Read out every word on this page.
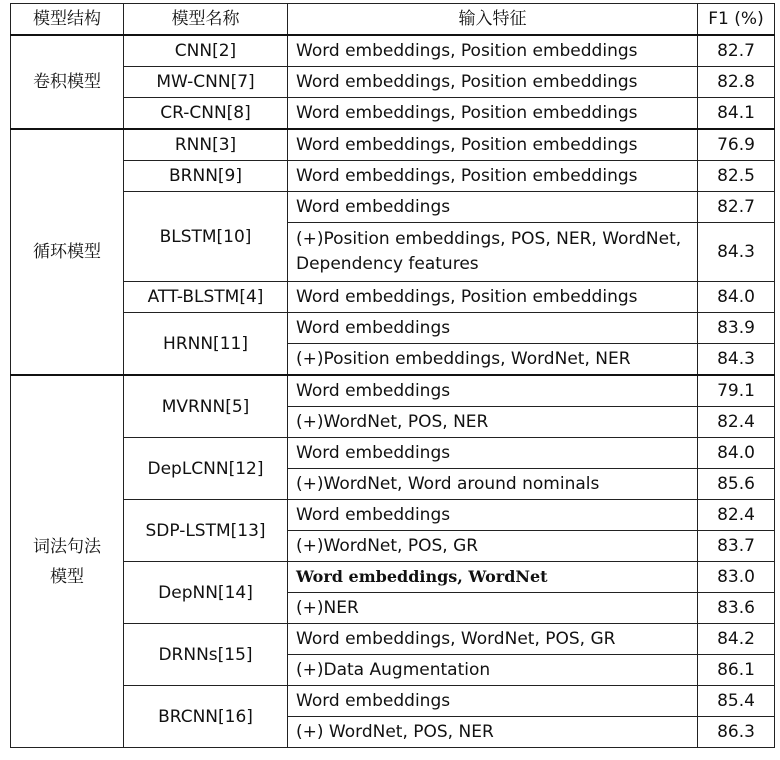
模型结构	模型名称	输入特征	F1 (%)
卷积模型	CNN[2]	Word embeddings, Position embeddings	82.7
	MW-CNN[7]	Word embeddings, Position embeddings	82.8
	CR-CNN[8]	Word embeddings, Position embeddings	84.1
循环模型	RNN[3]	Word embeddings, Position embeddings	76.9
	BRNN[9]	Word embeddings, Position embeddings	82.5
	BLSTM[10]	Word embeddings	82.7
		(+)Position embeddings, POS, NER, WordNet, Dependency features	84.3
	ATT-BLSTM[4]	Word embeddings, Position embeddings	84.0
	HRNN[11]	Word embeddings	83.9
		(+)Position embeddings, WordNet, NER	84.3
词法句法模型	MVRNN[5]	Word embeddings	79.1
		(+)WordNet, POS, NER	82.4
	DepLCNN[12]	Word embeddings	84.0
		(+)WordNet, Word around nominals	85.6
	SDP-LSTM[13]	Word embeddings	82.4
		(+)WordNet, POS, GR	83.7
	DepNN[14]	Word embeddings, WordNet	83.0
		(+)NER	83.6
	DRNNs[15]	Word embeddings, WordNet, POS, GR	84.2
		(+)Data Augmentation	86.1
	BRCNN[16]	Word embeddings	85.4
		(+) WordNet, POS, NER	86.3
